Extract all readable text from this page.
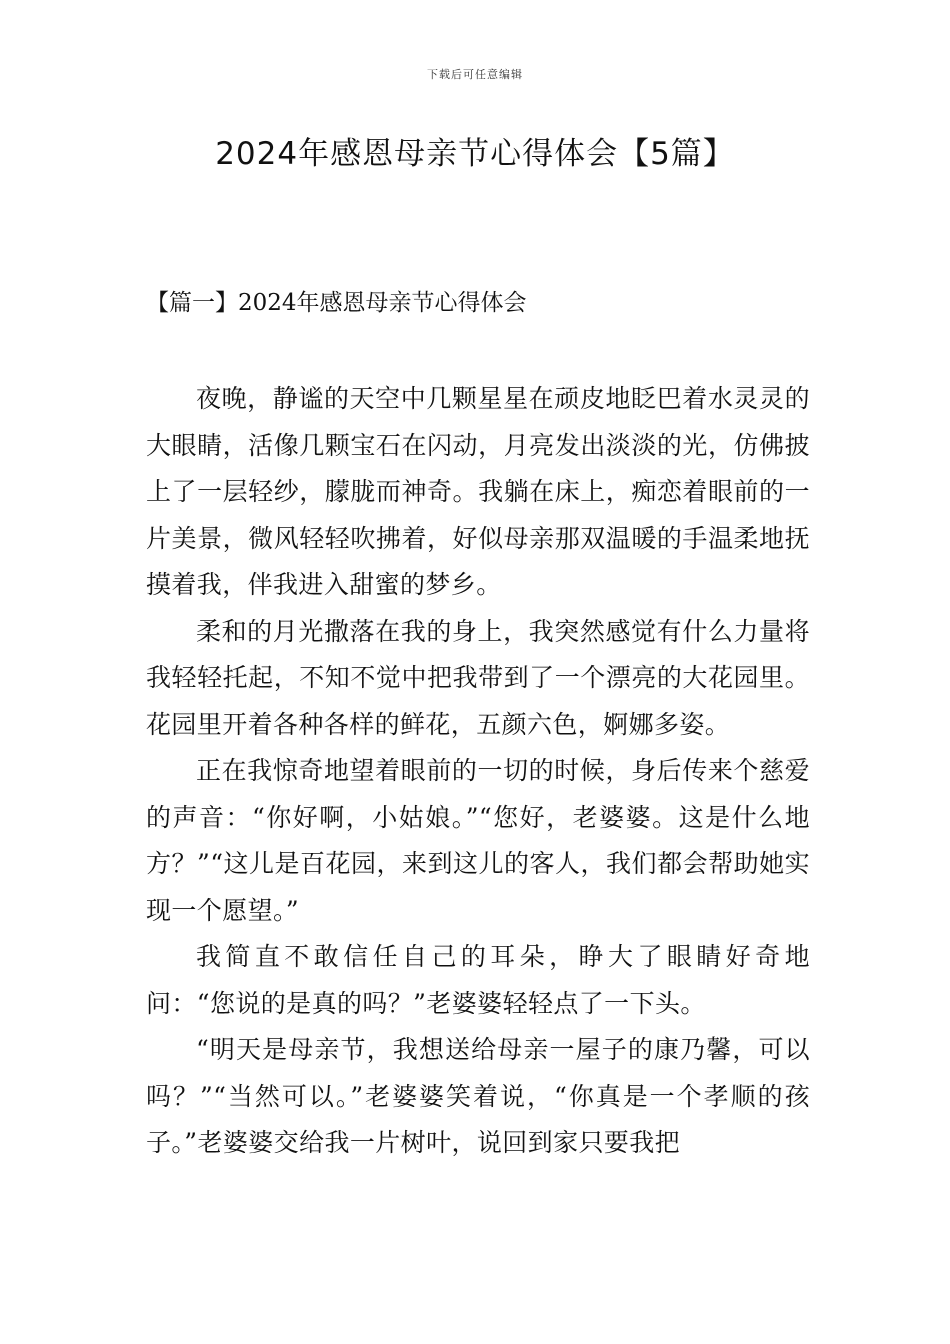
下载后可任意编辑
2024年感恩母亲节心得体会【5篇】
【篇一】2024年感恩母亲节心得体会

夜晚，静谧的天空中几颗星星在顽皮地眨巴着水灵灵的大眼睛，活像几颗宝石在闪动，月亮发出淡淡的光，仿佛披上了一层轻纱，朦胧而神奇。我躺在床上，痴恋着眼前的一片美景，微风轻轻吹拂着，好似母亲那双温暖的手温柔地抚摸着我，伴我进入甜蜜的梦乡。

柔和的月光撒落在我的身上，我突然感觉有什么力量将我轻轻托起，不知不觉中把我带到了一个漂亮的大花园里。花园里开着各种各样的鲜花，五颜六色，婀娜多姿。

正在我惊奇地望着眼前的一切的时候，身后传来个慈爱的声音：“你好啊，小姑娘。”“您好，老婆婆。这是什么地方？”“这儿是百花园，来到这儿的客人，我们都会帮助她实现一个愿望。”

我简直不敢信任自己的耳朵，睁大了眼睛好奇地问：“您说的是真的吗？”老婆婆轻轻点了一下头。

“明天是母亲节，我想送给母亲一屋子的康乃馨，可以吗？”“当然可以。”老婆婆笑着说，“你真是一个孝顺的孩子。”老婆婆交给我一片树叶，说回到家只要我把
